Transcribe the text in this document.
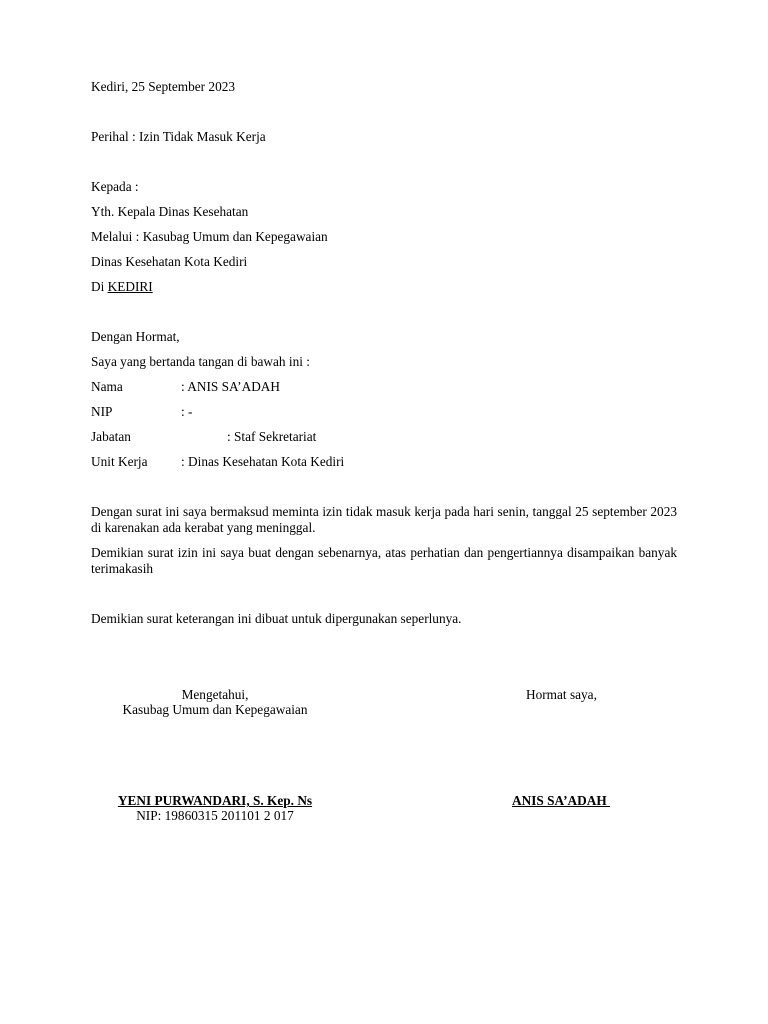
Kediri, 25 September 2023
Perihal : Izin Tidak Masuk Kerja
Kepada :
Yth. Kepala Dinas Kesehatan
Melalui : Kasubag Umum dan Kepegawaian
Dinas Kesehatan Kota Kediri
Di KEDIRI
Dengan Hormat,
Saya yang bertanda tangan di bawah ini :
Nama	: ANIS SA’ADAH
NIP	: -
Jabatan	: Staf Sekretariat
Unit Kerja	: Dinas Kesehatan Kota Kediri
Dengan surat ini saya bermaksud meminta izin tidak masuk kerja pada hari senin, tanggal 25 september 2023 di karenakan ada kerabat yang meninggal.
Demikian surat izin ini saya buat dengan sebenarnya, atas perhatian dan pengertiannya disampaikan banyak terimakasih
Demikian surat keterangan ini dibuat untuk dipergunakan seperlunya.
Mengetahui,
Kasubag Umum dan Kepegawaian
YENI PURWANDARI, S. Kep. Ns
NIP: 19860315 201101 2 017
Hormat saya,
ANIS SA’ADAH
